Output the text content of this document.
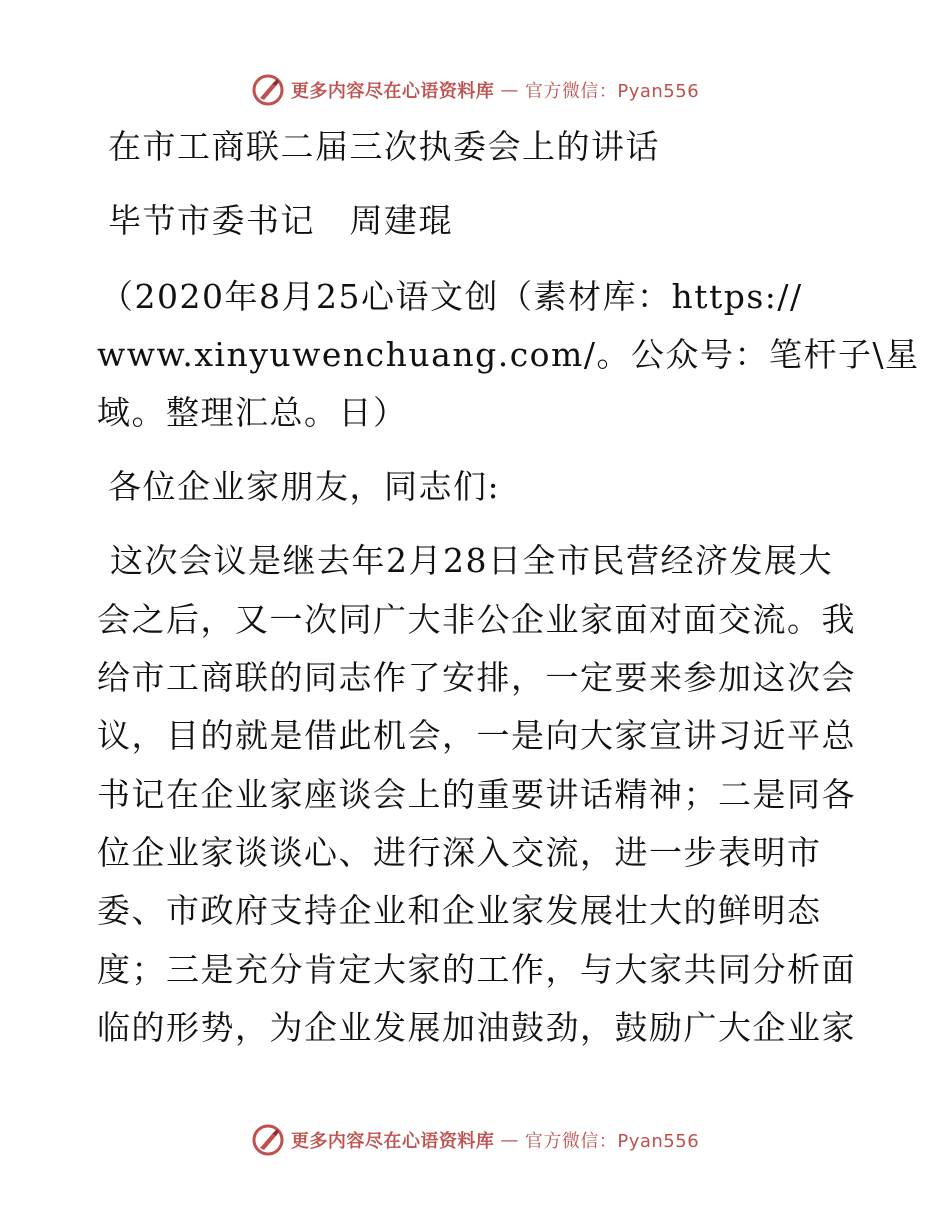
更多内容尽在心语资料库 — 官方微信：Pyan556

在市工商联二届三次执委会上的讲话

毕节市委书记　周建琨

（2020年8月25心语文创（素材库：https://

www.xinyuwenchuang.com/。公众号：笔杆子\星

域。整理汇总。日）

各位企业家朋友，同志们:

这次会议是继去年2月28日全市民营经济发展大

会之后，又一次同广大非公企业家面对面交流。我

给市工商联的同志作了安排，一定要来参加这次会

议，目的就是借此机会，一是向大家宣讲习近平总

书记在企业家座谈会上的重要讲话精神；二是同各

位企业家谈谈心、进行深入交流，进一步表明市

委、市政府支持企业和企业家发展壮大的鲜明态

度；三是充分肯定大家的工作，与大家共同分析面

临的形势，为企业发展加油鼓劲，鼓励广大企业家

更多内容尽在心语资料库 — 官方微信：Pyan556
